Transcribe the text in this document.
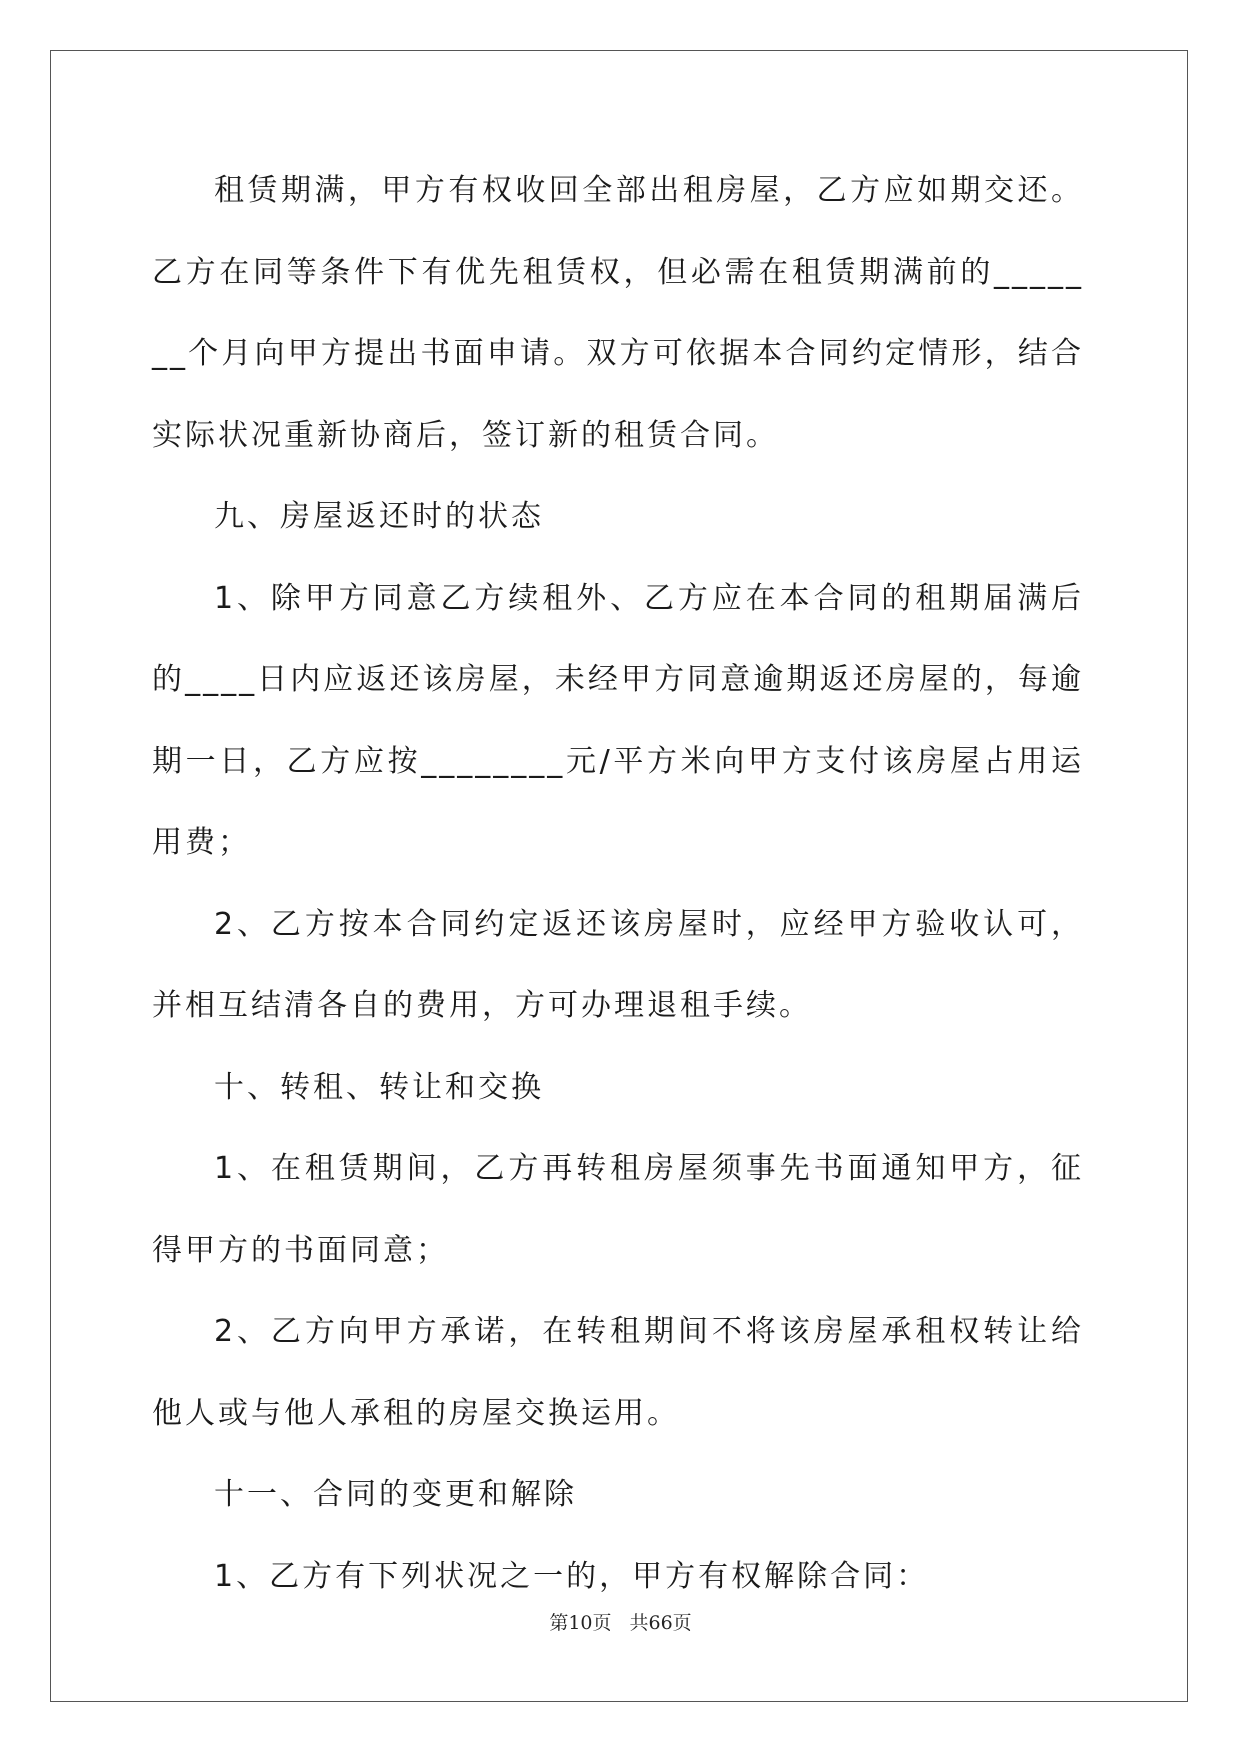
租赁期满，甲方有权收回全部出租房屋，乙方应如期交还。乙方在同等条件下有优先租赁权，但必需在租赁期满前的_______个月向甲方提出书面申请。双方可依据本合同约定情形，结合实际状况重新协商后，签订新的租赁合同。

九、房屋返还时的状态

1、除甲方同意乙方续租外、乙方应在本合同的租期届满后的____日内应返还该房屋，未经甲方同意逾期返还房屋的，每逾期一日，乙方应按________元/平方米向甲方支付该房屋占用运用费；

2、乙方按本合同约定返还该房屋时，应经甲方验收认可，并相互结清各自的费用，方可办理退租手续。

十、转租、转让和交换

1、在租赁期间，乙方再转租房屋须事先书面通知甲方，征得甲方的书面同意；

2、乙方向甲方承诺，在转租期间不将该房屋承租权转让给他人或与他人承租的房屋交换运用。

十一、合同的变更和解除

1、乙方有下列状况之一的，甲方有权解除合同：

第10页 共66页
